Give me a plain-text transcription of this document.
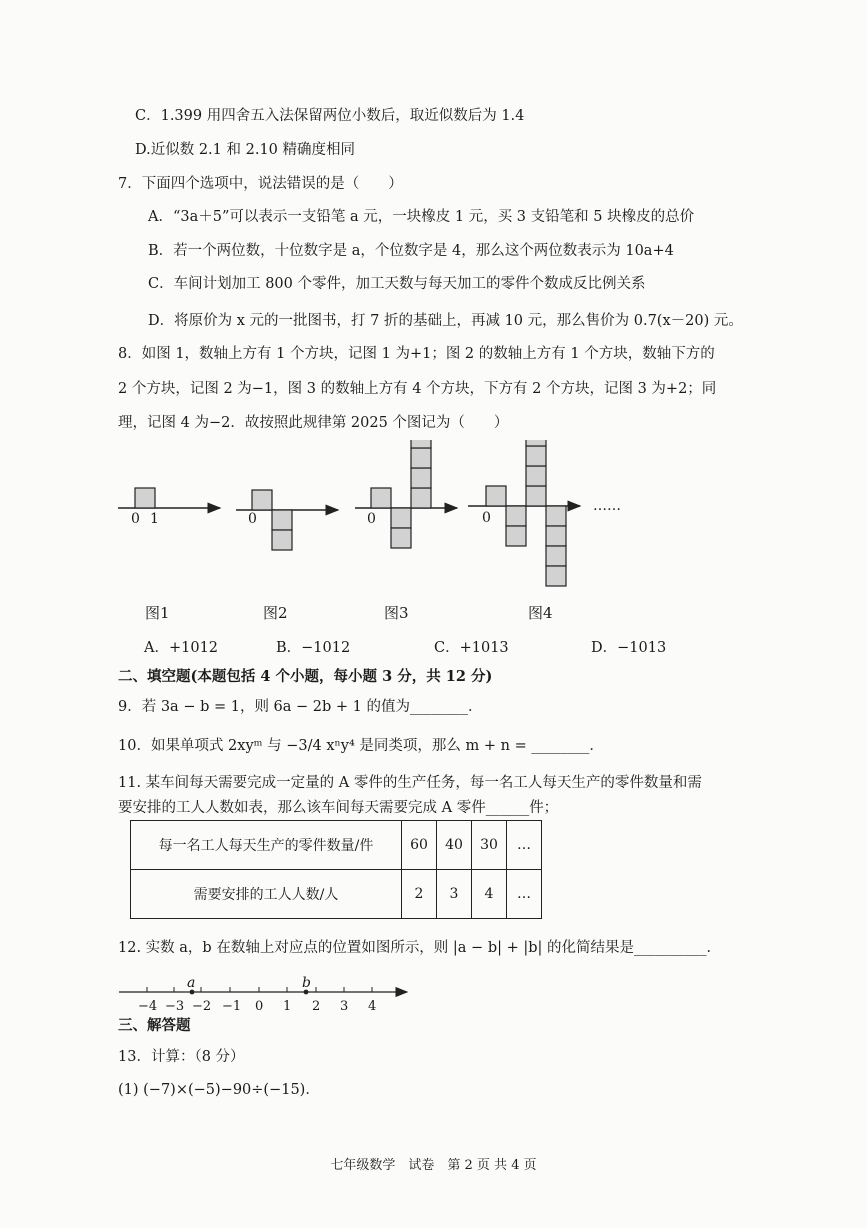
C．1.399 用四舍五入法保留两位小数后，取近似数后为 1.4
D.近似数 2.1 和 2.10 精确度相同
7．下面四个选项中，说法错误的是（　　）
A．“3a＋5”可以表示一支铅笔 a 元，一块橡皮 1 元，买 3 支铅笔和 5 块橡皮的总价
B．若一个两位数，十位数字是 a，个位数字是 4，那么这个两位数表示为 10a+4
C．车间计划加工 800 个零件，加工天数与每天加工的零件个数成反比例关系
D．将原价为 x 元的一批图书，打 7 折的基础上，再减 10 元，那么售价为 0.7(x－20) 元。
8．如图 1，数轴上方有 1 个方块，记图 1 为+1；图 2 的数轴上方有 1 个方块，数轴下方的
2 个方块，记图 2 为−1，图 3 的数轴上方有 4 个方块，下方有 2 个方块，记图 3 为+2；同
理，记图 4 为−2．故按照此规律第 2025 个图记为（　　）
0 1	0	0	0
……
图1	图2	图3	图4
A．+1012	B．−1012	C．+1013	D．−1013
二、填空题(本题包括 4 个小题，每小题 3 分，共 12 分)
9．若 3a − b = 1，则 6a − 2b + 1 的值为________．
10．如果单项式 2xyᵐ 与 −3/4 xⁿy⁴ 是同类项，那么 m + n = ________．
11. 某车间每天需要完成一定量的 A 零件的生产任务，每一名工人每天生产的零件数量和需
要安排的工人人数如表，那么该车间每天需要完成 A 零件______件；
每一名工人每天生产的零件数量/件	60	40	30	…
需要安排的工人人数/人	2	3	4	…
12. 实数 a，b 在数轴上对应点的位置如图所示，则 |a − b| + |b| 的化简结果是__________．
a	b
−4 −3 −2 −1 0 1 2 3 4
三、解答题
13．计算：（8 分）
(1) (−7)×(−5)−90÷(−15)．
七年级数学　试卷　第 2 页 共 4 页
